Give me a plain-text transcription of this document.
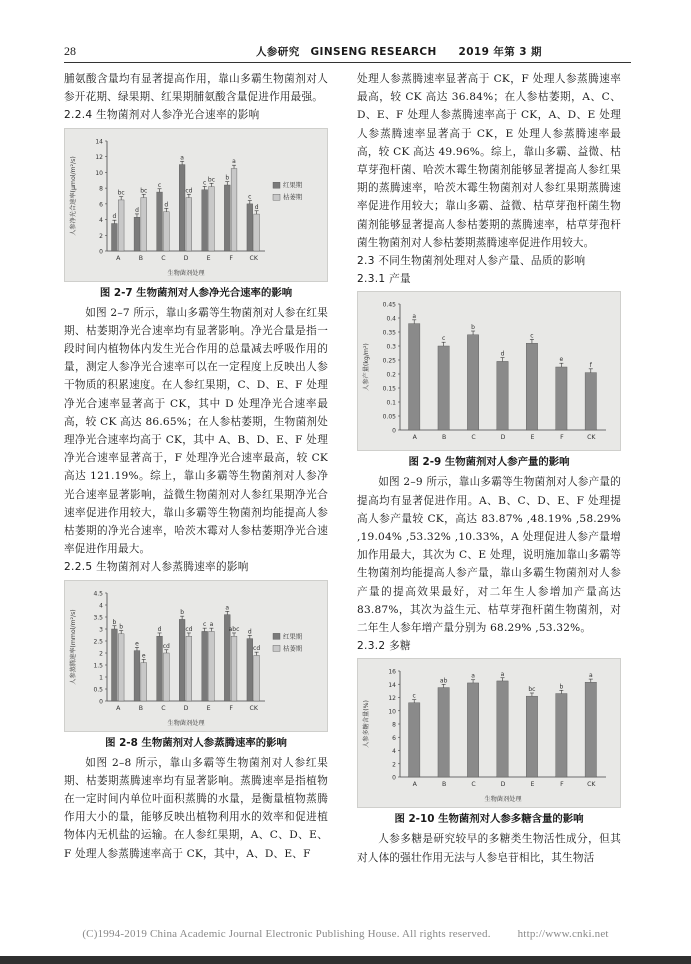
28	人参研究　GINSENG RESEARCH　　2019 年第 3 期

脯氨酸含量均有显著提高作用，靠山多霸生物菌剂对人参开花期、绿果期、红果期脯氨酸含量促进作用最强。

2.2.4 生物菌剂对人参净光合速率的影响

0
2
4
6
8
10
12
14
人参净光合速率(μmol/m²/s)	d
bc
A
d
bc
B
c
d
C
a
cd
D
c bc
E
b
a
F
c
d
CK
生物菌剂处理
红果期
枯萎期

图 2-7 生物菌剂对人参净光合速率的影响

如图 2–7 所示，靠山多霸等生物菌剂对人参在红果期、枯萎期净光合速率均有显著影响。净光合量是指一段时间内植物体内发生光合作用的总量减去呼吸作用的量，测定人参净光合速率可以在一定程度上反映出人参干物质的积累速度。在人参红果期，C、D、E、F 处理净光合速率显著高于 CK，其中 D 处理净光合速率最高，较 CK 高达 86.65%；在人参枯萎期，生物菌剂处理净光合速率均高于 CK，其中 A、B、D、E、F 处理净光合速率显著高于，F 处理净光合速率最高，较 CK 高达 121.19%。综上，靠山多霸等生物菌剂对人参净光合速率显著影响，益微生物菌剂对人参红果期净光合速率促进作用较大，靠山多霸等生物菌剂均能提高人参枯萎期的净光合速率，哈茨木霉对人参枯萎期净光合速率促进作用最大。

2.2.5 生物菌剂对人参蒸腾速率的影响

0
0.5
1
1.5
2
2.5
3
3.5
4
4.5
人参蒸腾速率(mmol/m²/s)	b
b
A
e
e
B
d
cd
C
b
cd
D
c a
E
a
abc
F
d
cd
CK
生物菌剂处理
红果期
枯萎期

图 2-8 生物菌剂对人参蒸腾速率的影响

如图 2–8 所示，靠山多霸等生物菌剂对人参红果期、枯萎期蒸腾速率均有显著影响。蒸腾速率是指植物在一定时间内单位叶面积蒸腾的水量，是衡量植物蒸腾作用大小的量，能够反映出植物利用水的效率和促进植物体内无机盐的运输。在人参红果期，A、C、D、E、F 处理人参蒸腾速率高于 CK，其中，A、D、E、F

处理人参蒸腾速率显著高于 CK，F 处理人参蒸腾速率最高，较 CK 高达 36.84%；在人参枯萎期，A、C、D、E、F 处理人参蒸腾速率高于 CK，A、D、E 处理人参蒸腾速率显著高于 CK，E 处理人参蒸腾速率最高，较 CK 高达 49.96%。综上，靠山多霸、益微、枯草芽孢杆菌、哈茨木霉生物菌剂能够显著提高人参红果期的蒸腾速率，哈茨木霉生物菌剂对人参红果期蒸腾速率促进作用较大；靠山多霸、益微、枯草芽孢杆菌生物菌剂能够显著提高人参枯萎期的蒸腾速率，枯草芽孢杆菌生物菌剂对人参枯萎期蒸腾速率促进作用较大。

2.3 不同生物菌剂处理对人参产量、品质的影响

2.3.1 产量

0
0.05
0.1
0.15
0.2
0.25
0.3
0.35
0.4
0.45
人参产量(kg/m²)
a
A
c
B
b
C
d
D
c
E
e
F
f
CK

图 2-9 生物菌剂对人参产量的影响

如图 2–9 所示，靠山多霸等生物菌剂对人参产量的提高均有显著促进作用。A、B、C、D、E、F 处理提高人参产量较 CK，高达 83.87% ,48.19% ,58.29% ,19.04% ,53.32% ,10.33%，A 处理促进人参产量增加作用最大，其次为 C、E 处理，说明施加靠山多霸等生物菌剂均能提高人参产量，靠山多霸生物菌剂对人参产量的提高效果最好，对二年生人参增加产量高达 83.87%，其次为益生元、枯草芽孢杆菌生物菌剂，对二年生人参年增产量分别为 68.29% ,53.32%。

2.3.2 多糖

0
2
4
6
8
10
12
14
16
人参多糖含量(%)
c
A
ab
B
a
C
a
D
bc
E
b
F
a
CK
生物菌剂处理

图 2-10 生物菌剂对人参多糖含量的影响

人参多糖是研究较早的多糖类生物活性成分，但其对人体的强壮作用无法与人参皂苷相比，其生物活

(C)1994-2019 China Academic Journal Electronic Publishing House. All rights reserved. http://www.cnki.net
